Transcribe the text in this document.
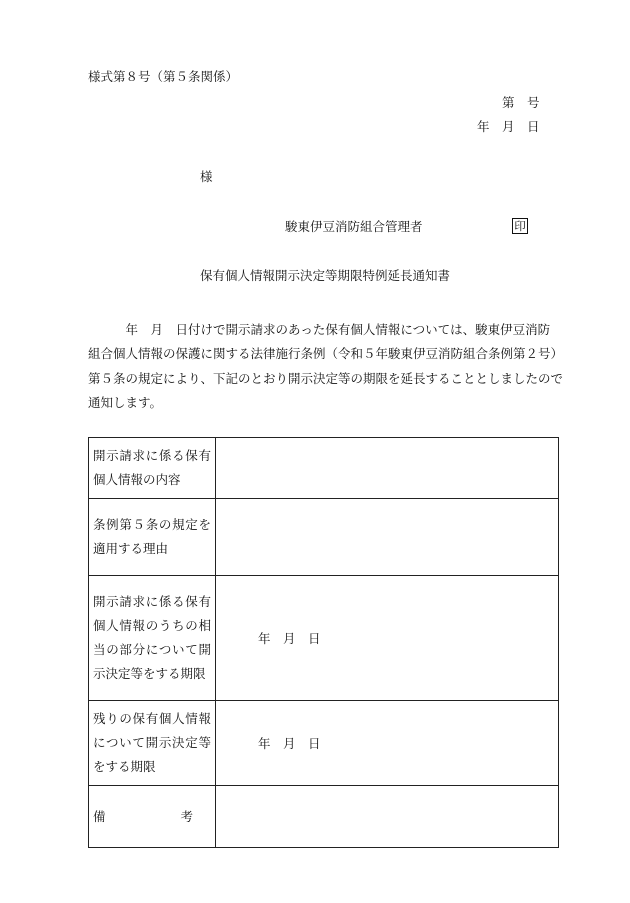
様式第８号（第５条関係）
第　号
年　月　日
様
駿東伊豆消防組合管理者	印
保有個人情報開示決定等期限特例延長通知書

　　　年　月　日付けで開示請求のあった保有個人情報については、駿東伊豆消防

組合個人情報の保護に関する法律施行条例（令和５年駿東伊豆消防組合条例第２号）

第５条の規定により、下記のとおり開示決定等の期限を延長することとしましたので

通知します。

開示請求に係る保有個人情報の内容	
条例第５条の規定を適用する理由	
開示請求に係る保有個人情報のうちの相当の部分について開示決定等をする期限	年　月　日
残りの保有個人情報について開示決定等をする期限	年　月　日

備 考	
